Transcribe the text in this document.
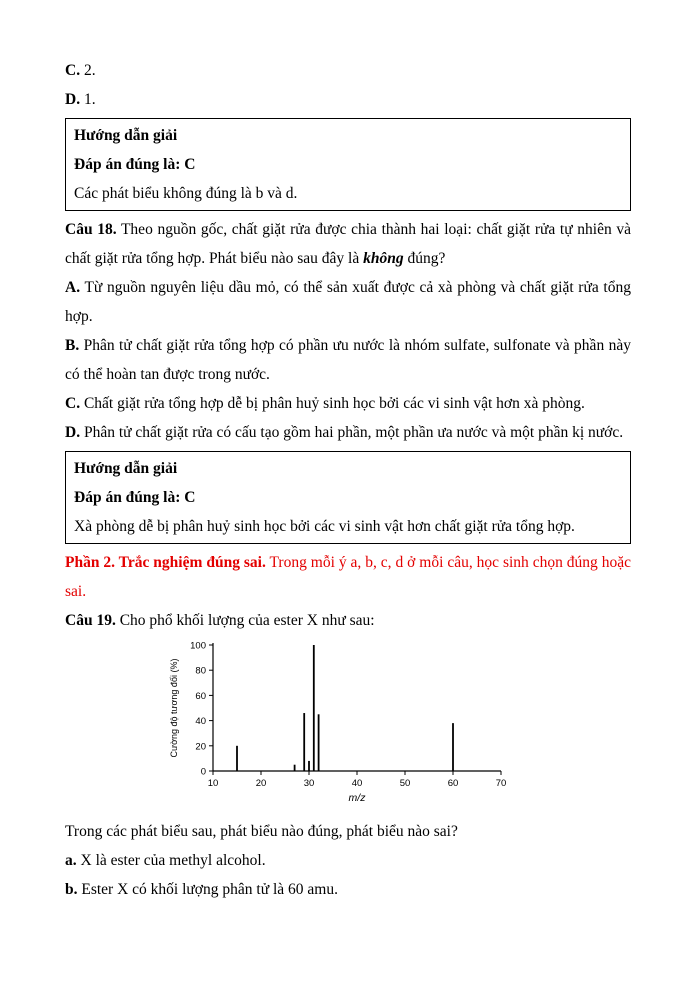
C. 2.

D. 1.

Hướng dẫn giải

Đáp án đúng là: C

Các phát biểu không đúng là b và d.

Câu 18. Theo nguồn gốc, chất giặt rửa được chia thành hai loại: chất giặt rửa tự nhiên và chất giặt rửa tổng hợp. Phát biểu nào sau đây là không đúng?

A. Từ nguồn nguyên liệu dầu mỏ, có thể sản xuất được cả xà phòng và chất giặt rửa tổng hợp.

B. Phân tử chất giặt rửa tổng hợp có phần ưu nước là nhóm sulfate, sulfonate và phần này có thể hoàn tan được trong nước.

C. Chất giặt rửa tổng hợp dễ bị phân huỷ sinh học bởi các vi sinh vật hơn xà phòng.

D. Phân tử chất giặt rửa có cấu tạo gồm hai phần, một phần ưa nước và một phần kị nước.

Hướng dẫn giải

Đáp án đúng là: C

Xà phòng dễ bị phân huỷ sinh học bởi các vi sinh vật hơn chất giặt rửa tổng hợp.

Phần 2. Trắc nghiệm đúng sai. Trong mỗi ý a, b, c, d ở mỗi câu, học sinh chọn đúng hoặc sai.

Câu 19. Cho phổ khối lượng của ester X như sau:

0
20
40
60
80
100
10	20	30	40	50	60	70
m/z
Cường độ tương đối (%)

Trong các phát biểu sau, phát biểu nào đúng, phát biểu nào sai?

a. X là ester của methyl alcohol.

b. Ester X có khối lượng phân tử là 60 amu.
